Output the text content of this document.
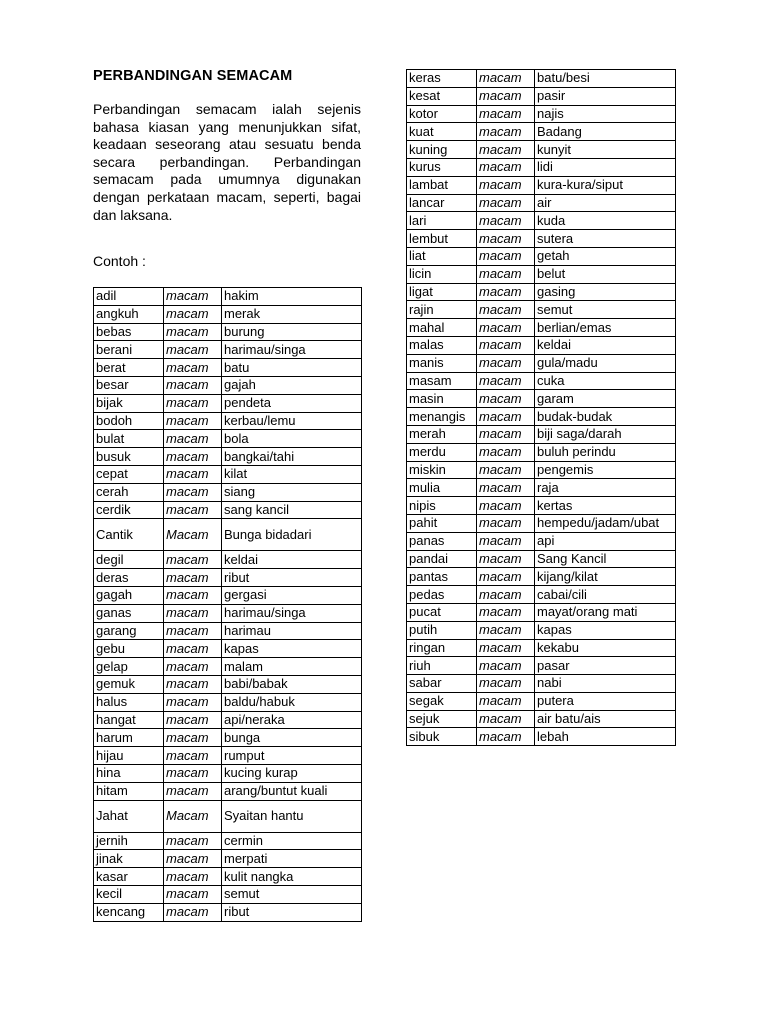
PERBANDINGAN SEMACAM

Perbandingan semacam ialah sejenis bahasa kiasan yang menunjukkan sifat, keadaan seseorang atau sesuatu benda secara perbandingan. Perbandingan semacam pada umumnya digunakan dengan perkataan macam, seperti, bagai dan laksana.

Contoh :
adil	macam	hakim
angkuh	macam	merak
bebas	macam	burung
berani	macam	harimau/singa
berat	macam	batu
besar	macam	gajah
bijak	macam	pendeta
bodoh	macam	kerbau/lemu
bulat	macam	bola
busuk	macam	bangkai/tahi
cepat	macam	kilat
cerah	macam	siang
cerdik	macam	sang kancil
Cantik	Macam	Bunga bidadari
degil	macam	keldai
deras	macam	ribut
gagah	macam	gergasi
ganas	macam	harimau/singa
garang	macam	harimau
gebu	macam	kapas
gelap	macam	malam
gemuk	macam	babi/babak
halus	macam	baldu/habuk
hangat	macam	api/neraka
harum	macam	bunga
hijau	macam	rumput
hina	macam	kucing kurap
hitam	macam	arang/buntut kuali
Jahat	Macam	Syaitan hantu
jernih	macam	cermin
jinak	macam	merpati
kasar	macam	kulit nangka
kecil	macam	semut
kencang	macam	ribut
keras	macam	batu/besi
kesat	macam	pasir
kotor	macam	najis
kuat	macam	Badang
kuning	macam	kunyit
kurus	macam	lidi
lambat	macam	kura-kura/siput
lancar	macam	air
lari	macam	kuda
lembut	macam	sutera
liat	macam	getah
licin	macam	belut
ligat	macam	gasing
rajin	macam	semut
mahal	macam	berlian/emas
malas	macam	keldai
manis	macam	gula/madu
masam	macam	cuka
masin	macam	garam
menangis	macam	budak-budak
merah	macam	biji saga/darah
merdu	macam	buluh perindu
miskin	macam	pengemis
mulia	macam	raja
nipis	macam	kertas
pahit	macam	hempedu/jadam/ubat
panas	macam	api
pandai	macam	Sang Kancil
pantas	macam	kijang/kilat
pedas	macam	cabai/cili
pucat	macam	mayat/orang mati
putih	macam	kapas
ringan	macam	kekabu
riuh	macam	pasar
sabar	macam	nabi
segak	macam	putera
sejuk	macam	air batu/ais
sibuk	macam	lebah
